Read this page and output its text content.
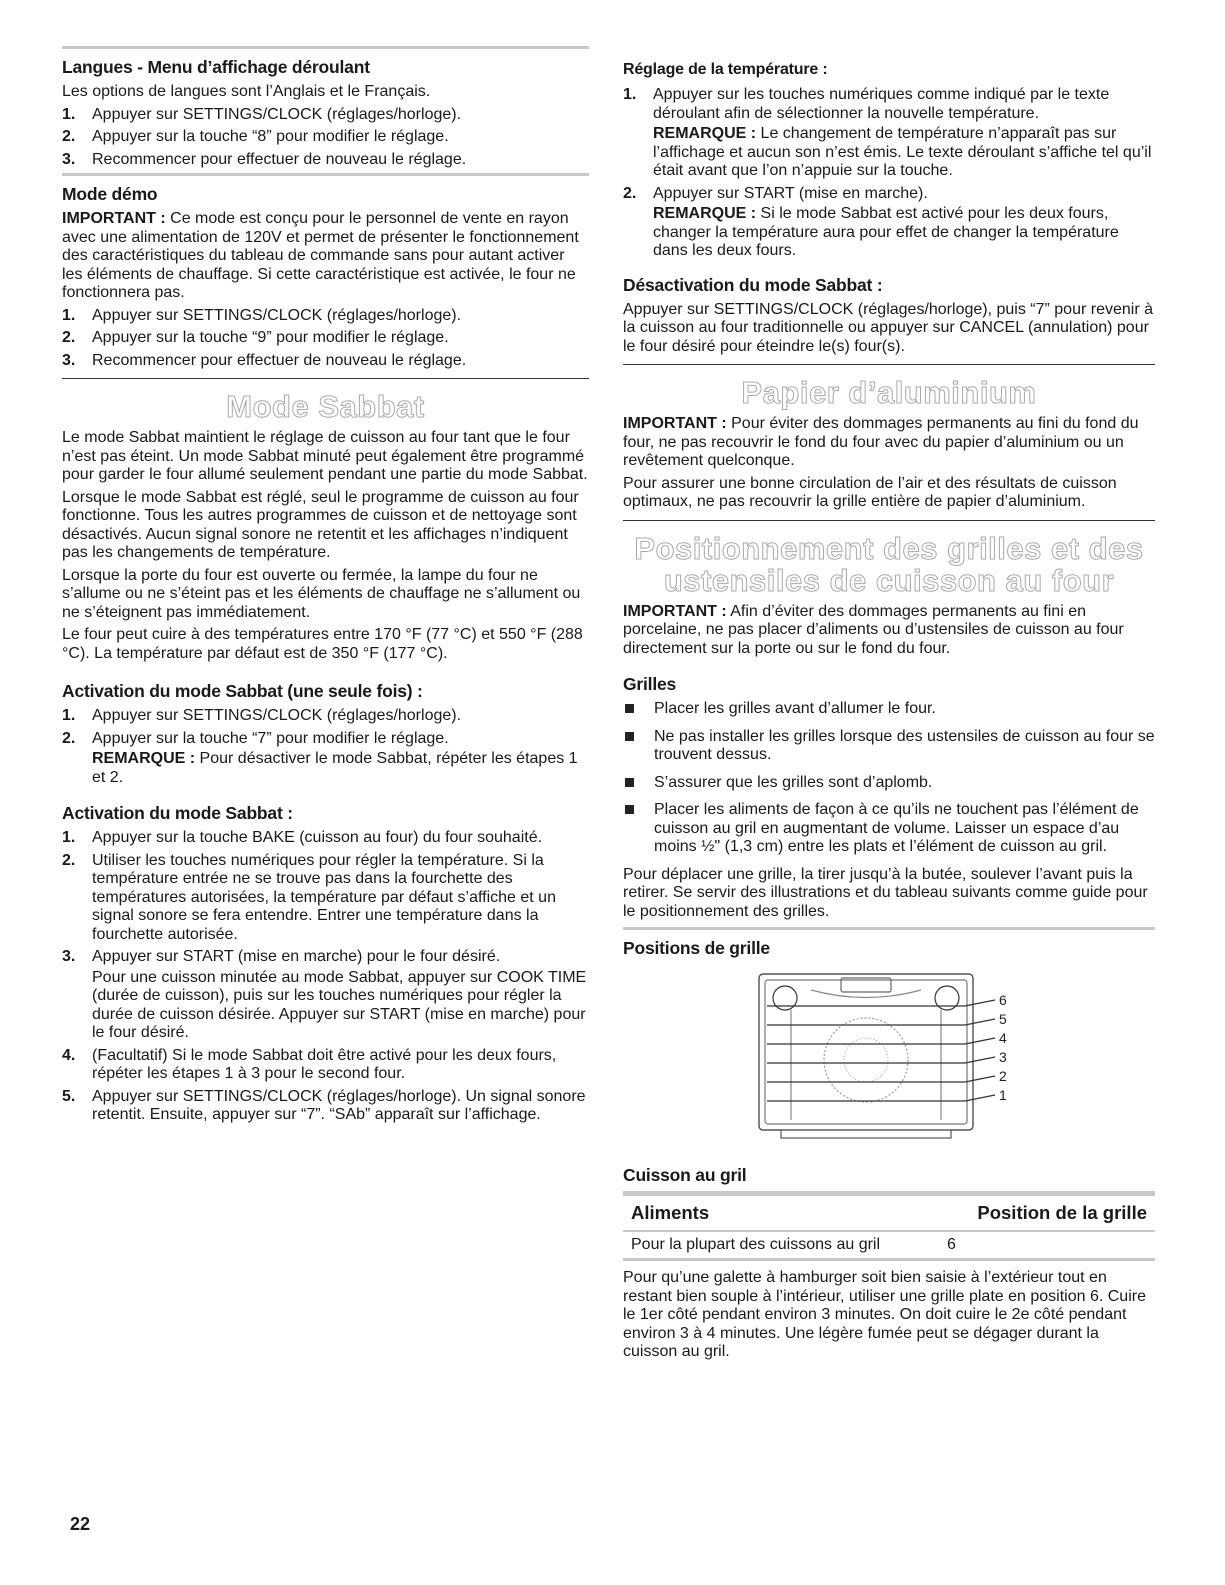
Langues - Menu d’affichage déroulant

Les options de langues sont l’Anglais et le Français.

1. Appuyer sur SETTINGS/CLOCK (réglages/horloge).
2. Appuyer sur la touche “8” pour modifier le réglage.
3. Recommencer pour effectuer de nouveau le réglage.
Mode démo

IMPORTANT : Ce mode est conçu pour le personnel de vente en rayon avec une alimentation de 120V et permet de présenter le fonctionnement des caractéristiques du tableau de commande sans pour autant activer les éléments de chauffage. Si cette caractéristique est activée, le four ne fonctionnera pas.

1. Appuyer sur SETTINGS/CLOCK (réglages/horloge).
2. Appuyer sur la touche “9” pour modifier le réglage.
3. Recommencer pour effectuer de nouveau le réglage.
Mode Sabbat

Le mode Sabbat maintient le réglage de cuisson au four tant que le four n’est pas éteint. Un mode Sabbat minuté peut également être programmé pour garder le four allumé seulement pendant une partie du mode Sabbat.

Lorsque le mode Sabbat est réglé, seul le programme de cuisson au four fonctionne. Tous les autres programmes de cuisson et de nettoyage sont désactivés. Aucun signal sonore ne retentit et les affichages n’indiquent pas les changements de température.

Lorsque la porte du four est ouverte ou fermée, la lampe du four ne s’allume ou ne s’éteint pas et les éléments de chauffage ne s’allument ou ne s’éteignent pas immédiatement.

Le four peut cuire à des températures entre 170 °F (77 °C) et 550 °F (288 °C). La température par défaut est de 350 °F (177 °C).

Activation du mode Sabbat (une seule fois) :
1. Appuyer sur SETTINGS/CLOCK (réglages/horloge).
2. Appuyer sur la touche “7” pour modifier le réglage.

REMARQUE : Pour désactiver le mode Sabbat, répéter les étapes 1 et 2.

Activation du mode Sabbat :
1. Appuyer sur la touche BAKE (cuisson au four) du four souhaité.
2. Utiliser les touches numériques pour régler la température. Si la température entrée ne se trouve pas dans la fourchette des températures autorisées, la température par défaut s’affiche et un signal sonore se fera entendre. Entrer une température dans la fourchette autorisée.
3. Appuyer sur START (mise en marche) pour le four désiré.

Pour une cuisson minutée au mode Sabbat, appuyer sur COOK TIME (durée de cuisson), puis sur les touches numériques pour régler la durée de cuisson désirée. Appuyer sur START (mise en marche) pour le four désiré.

4. (Facultatif) Si le mode Sabbat doit être activé pour les deux fours, répéter les étapes 1 à 3 pour le second four.
5. Appuyer sur SETTINGS/CLOCK (réglages/horloge). Un signal sonore retentit. Ensuite, appuyer sur “7”. “SAb” apparaît sur l’affichage.
Réglage de la température :
1. Appuyer sur les touches numériques comme indiqué par le texte déroulant afin de sélectionner la nouvelle température.

REMARQUE : Le changement de température n’apparaît pas sur l’affichage et aucun son n’est émis. Le texte déroulant s’affiche tel qu’il était avant que l’on n’appuie sur la touche.

2. Appuyer sur START (mise en marche).

REMARQUE : Si le mode Sabbat est activé pour les deux fours, changer la température aura pour effet de changer la température dans les deux fours.

Désactivation du mode Sabbat :

Appuyer sur SETTINGS/CLOCK (réglages/horloge), puis “7” pour revenir à la cuisson au four traditionnelle ou appuyer sur CANCEL (annulation) pour le four désiré pour éteindre le(s) four(s).

Papier d’aluminium

IMPORTANT : Pour éviter des dommages permanents au fini du fond du four, ne pas recouvrir le fond du four avec du papier d’aluminium ou un revêtement quelconque.

Pour assurer une bonne circulation de l’air et des résultats de cuisson optimaux, ne pas recouvrir la grille entière de papier d’aluminium.

Positionnement des grilles et des
ustensiles de cuisson au four

IMPORTANT : Afin d’éviter des dommages permanents au fini en porcelaine, ne pas placer d’aliments ou d’ustensiles de cuisson au four directement sur la porte ou sur le fond du four.

Grilles
Placer les grilles avant d’allumer le four.
Ne pas installer les grilles lorsque des ustensiles de cuisson au four se trouvent dessus.
S’assurer que les grilles sont d’aplomb.
Placer les aliments de façon à ce qu’ils ne touchent pas l’élément de cuisson au gril en augmentant de volume. Laisser un espace d’au moins ½" (1,3 cm) entre les plats et l’élément de cuisson au gril.

Pour déplacer une grille, la tirer jusqu’à la butée, soulever l’avant puis la retirer. Se servir des illustrations et du tableau suivants comme guide pour le positionnement des grilles.

Positions de grille
6
5
4
3
2
1
Cuisson au gril
Aliments	Position de la grille
Pour la plupart des cuissons au gril	6

Pour qu’une galette à hamburger soit bien saisie à l’extérieur tout en restant bien souple à l’intérieur, utiliser une grille plate en position 6. Cuire le 1er côté pendant environ 3 minutes. On doit cuire le 2e côté pendant environ 3 à 4 minutes. Une légère fumée peut se dégager durant la cuisson au gril.

22
